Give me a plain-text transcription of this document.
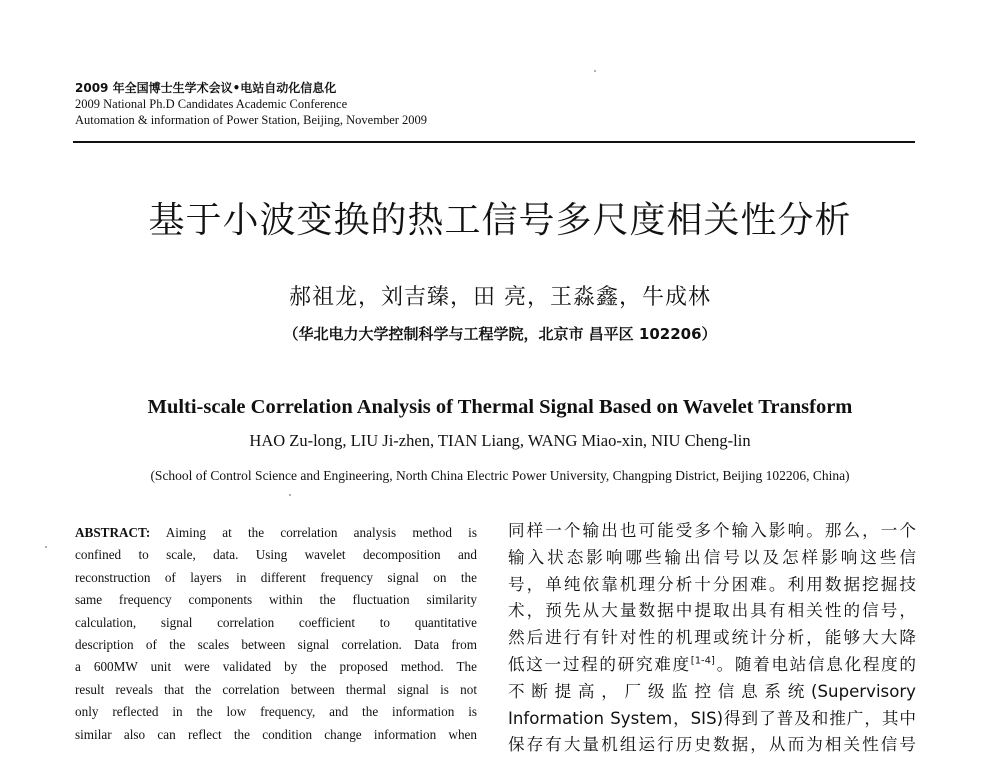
2009 年全国博士生学术会议•电站自动化信息化
2009 National Ph.D Candidates Academic Conference
Automation & information of Power Station, Beijing, November 2009
基于小波变换的热工信号多尺度相关性分析
郝祖龙，刘吉臻，田 亮，王淼鑫，牛成林
（华北电力大学控制科学与工程学院，北京市 昌平区 102206）
Multi-scale Correlation Analysis of Thermal Signal Based on Wavelet Transform
HAO Zu-long, LIU Ji-zhen, TIAN Liang, WANG Miao-xin, NIU Cheng-lin
(School of Control Science and Engineering, North China Electric Power University, Changping District, Beijing 102206, China)
ABSTRACT: Aiming at the correlation analysis method is
confined to scale, data. Using wavelet decomposition and
reconstruction of layers in different frequency signal on the
same frequency components within the fluctuation similarity
calculation, signal correlation coefficient to quantitative
description of the scales between signal correlation. Data from
a 600MW unit were validated by the proposed method. The
result reveals that the correlation between thermal signal is not
only reflected in the low frequency, and the information is
similar also can reflect the condition change information when
同样一个输出也可能受多个输入影响。那么，一个
输入状态影响哪些输出信号以及怎样影响这些信
号，单纯依靠机理分析十分困难。利用数据挖掘技
术，预先从大量数据中提取出具有相关性的信号，
然后进行有针对性的机理或统计分析，能够大大降
低这一过程的研究难度[1-4]。随着电站信息化程度的
不 断 提 高 ， 厂 级 监 控 信 息 系 统 (Supervisory
Information System，SIS)得到了普及和推广，其中
保存有大量机组运行历史数据，从而为相关性信号
